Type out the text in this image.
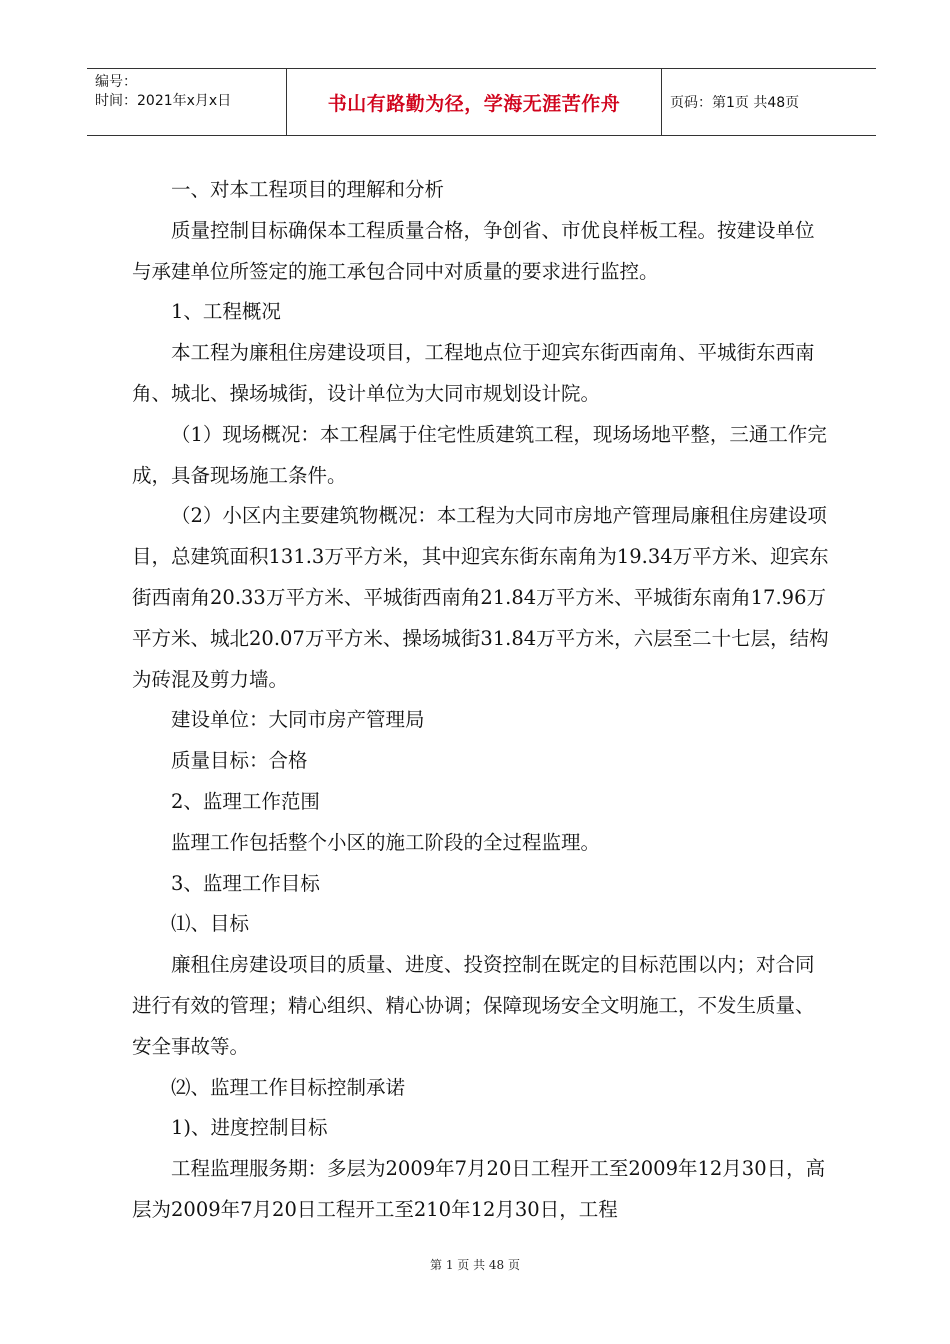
编号：
时间：2021年x月x日	书山有路勤为径，学海无涯苦作舟	页码：第1页 共48页

一、对本工程项目的理解和分析

质量控制目标确保本工程质量合格，争创省、市优良样板工程。按建设单位与承建单位所签定的施工承包合同中对质量的要求进行监控。

1、工程概况

本工程为廉租住房建设项目，工程地点位于迎宾东街西南角、平城街东西南角、城北、操场城街，设计单位为大同市规划设计院。

（1）现场概况：本工程属于住宅性质建筑工程，现场场地平整，三通工作完成，具备现场施工条件。

（2）小区内主要建筑物概况：本工程为大同市房地产管理局廉租住房建设项目，总建筑面积131.3万平方米，其中迎宾东街东南角为19.34万平方米、迎宾东街西南角20.33万平方米、平城街西南角21.84万平方米、平城街东南角17.96万平方米、城北20.07万平方米、操场城街31.84万平方米，六层至二十七层，结构为砖混及剪力墙。

建设单位：大同市房产管理局

质量目标：合格

2、监理工作范围

监理工作包括整个小区的施工阶段的全过程监理。

3、监理工作目标

⑴、目标

廉租住房建设项目的质量、进度、投资控制在既定的目标范围以内；对合同进行有效的管理；精心组织、精心协调；保障现场安全文明施工，不发生质量、安全事故等。

⑵、监理工作目标控制承诺

1)、进度控制目标

工程监理服务期：多层为2009年7月20日工程开工至2009年12月30日，高层为2009年7月20日工程开工至210年12月30日，工程

第 1 页 共 48 页
